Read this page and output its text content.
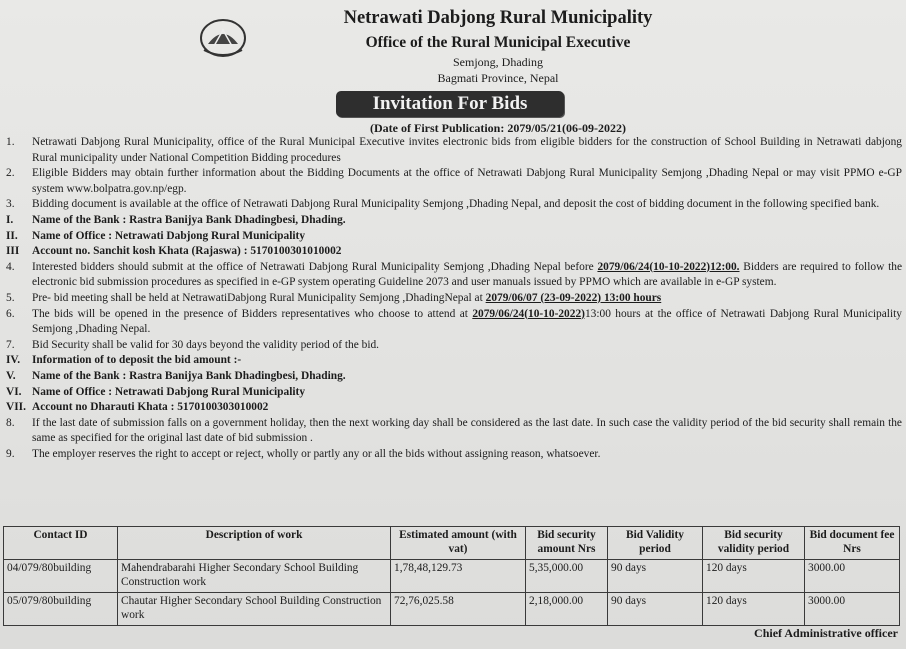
Netrawati Dabjong Rural Municipality
Office of the Rural Municipal Executive
Semjong, Dhading
Bagmati Province, Nepal
Invitation For Bids
(Date of First Publication: 2079/05/21(06-09-2022)
1.	Netrawati Dabjong Rural Municipality, office of the Rural Municipal Executive invites electronic bids from eligible bidders for the construction of School Building in Netrawati dabjong Rural municipality under National Competition Bidding procedures
2.	Eligible Bidders may obtain further information about the Bidding Documents at the office of Netrawati Dabjong Rural Municipality Semjong ,Dhading Nepal or may visit PPMO e-GP system www.bolpatra.gov.np/egp.
3.	Bidding document is available at the office of Netrawati Dabjong Rural Municipality Semjong ,Dhading Nepal, and deposit the cost of bidding document in the following specified bank.
I.	Name of the Bank : Rastra Banijya Bank Dhadingbesi, Dhading.
II.	Name of Office : Netrawati Dabjong Rural Municipality
III	Account no. Sanchit kosh Khata (Rajaswa) : 5170100301010002
4.	Interested bidders should submit at the office of Netrawati Dabjong Rural Municipality Semjong ,Dhading Nepal before 2079/06/24(10-10-2022)12:00. Bidders are required to follow the electronic bid submission procedures as specified in e-GP system operating Guideline 2073 and user manuals issued by PPMO which are available in e-GP system.
5.	Pre- bid meeting shall be held at NetrawatiDabjong Rural Municipality Semjong ,DhadingNepal at 2079/06/07 (23-09-2022) 13:00 hours
6.	The bids will be opened in the presence of Bidders representatives who choose to attend at 2079/06/24(10-10-2022)13:00 hours at the office of Netrawati Dabjong Rural Municipality Semjong ,Dhading Nepal.
7.	Bid Security shall be valid for 30 days beyond the validity period of the bid.
IV.	Information of to deposit the bid amount :-
V.	Name of the Bank : Rastra Banijya Bank Dhadingbesi, Dhading.
VI. Name of Office : Netrawati Dabjong Rural Municipality
VII. Account no Dharauti Khata : 5170100303010002
8.	If the last date of submission falls on a government holiday, then the next working day shall be considered as the last date. In such case the validity period of the bid security shall remain the same as specified for the original last date of bid submission .
9.	The employer reserves the right to accept or reject, wholly or partly any or all the bids without assigning reason, whatsoever.
Contact ID	Description of work	Estimated amount (with vat)	Bid security amount Nrs	Bid Validity period	Bid security validity period	Bid document fee Nrs
04/079/80building	Mahendrabarahi Higher Secondary School Building Construction work	1,78,48,129.73	5,35,000.00	90 days	120 days	3000.00
05/079/80building	Chautar Higher Secondary School Building Construction work	72,76,025.58	2,18,000.00	90 days	120 days	3000.00
Chief Administrative officer
